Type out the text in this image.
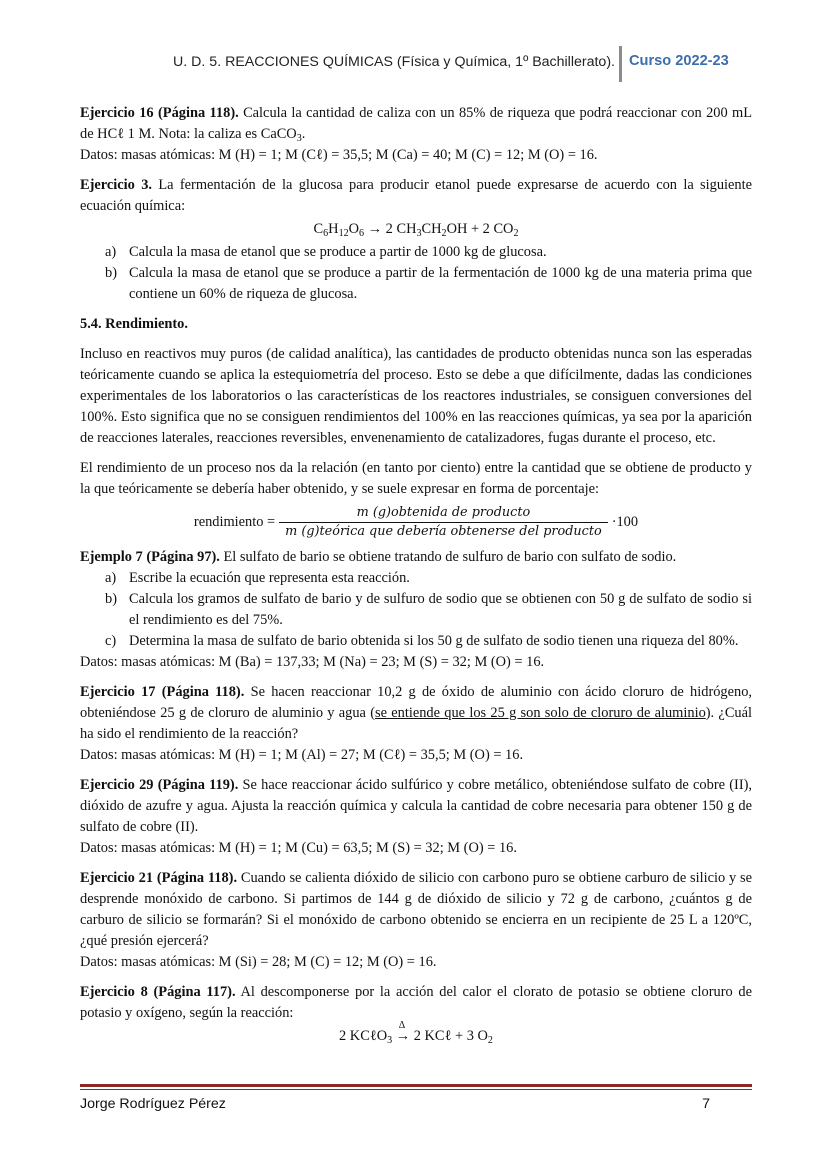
U. D. 5. REACCIONES QUÍMICAS (Física y Química, 1º Bachillerato). Curso 2022-23

Ejercicio 16 (Página 118). Calcula la cantidad de caliza con un 85% de riqueza que podrá reaccionar con 200 mL de HCℓ 1 M. Nota: la caliza es CaCO$_3$.

Datos: masas atómicas: M (H) = 1; M (Cℓ) = 35,5; M (Ca) = 40; M (C) = 12; M (O) = 16.

Ejercicio 3. La fermentación de la glucosa para producir etanol puede expresarse de acuerdo con la siguiente ecuación química:

$C_6H_{12}O_6 \to 2$ $CH_3CH_2OH + 2$ $CO_2$
a) Calcula la masa de etanol que se produce a partir de 1000 kg de glucosa.
b) Calcula la masa de etanol que se produce a partir de la fermentación de 1000 kg de una materia prima que contiene un 60% de riqueza de glucosa.
5.4. Rendimiento.

Incluso en reactivos muy puros (de calidad analítica), las cantidades de producto obtenidas nunca son las esperadas teóricamente cuando se aplica la estequiometría del proceso. Esto se debe a que difícilmente, dadas las condiciones experimentales de los laboratorios o las características de los reactores industriales, se consiguen conversiones del 100%. Esto significa que no se consiguen rendimientos del 100% en las reacciones químicas, ya sea por la aparición de reacciones laterales, reacciones reversibles, envenenamiento de catalizadores, fugas durante el proceso, etc.

El rendimiento de un proceso nos da la relación (en tanto por ciento) entre la cantidad que se obtiene de producto y la que teóricamente se debería haber obtenido, y se suele expresar en forma de porcentaje:

rendimiento = $\frac{\text{m (g)obtenida de producto}}{\text{m (g)teórica que debería obtenerse del producto}} \cdot 100$

Ejemplo 7 (Página 97). El sulfato de bario se obtiene tratando de sulfuro de bario con sulfato de sodio.

a) Escribe la ecuación que representa esta reacción.
b) Calcula los gramos de sulfato de bario y de sulfuro de sodio que se obtienen con 50 g de sulfato de sodio si el rendimiento es del 75%.
c) Determina la masa de sulfato de bario obtenida si los 50 g de sulfato de sodio tienen una riqueza del 80%.

Datos: masas atómicas: M (Ba) = 137,33; M (Na) = 23; M (S) = 32; M (O) = 16.

Ejercicio 17 (Página 118). Se hacen reaccionar 10,2 g de óxido de aluminio con ácido cloruro de hidrógeno, obteniéndose 25 g de cloruro de aluminio y agua (se entiende que los 25 g son solo de cloruro de aluminio). ¿Cuál ha sido el rendimiento de la reacción?

Datos: masas atómicas: M (H) = 1; M (Al) = 27; M (Cℓ) = 35,5; M (O) = 16.

Ejercicio 29 (Página 119). Se hace reaccionar ácido sulfúrico y cobre metálico, obteniéndose sulfato de cobre (II), dióxido de azufre y agua. Ajusta la reacción química y calcula la cantidad de cobre necesaria para obtener 150 g de sulfato de cobre (II).

Datos: masas atómicas: M (H) = 1; M (Cu) = 63,5; M (S) = 32; M (O) = 16.

Ejercicio 21 (Página 118). Cuando se calienta dióxido de silicio con carbono puro se obtiene carburo de silicio y se desprende monóxido de carbono. Si partimos de 144 g de dióxido de silicio y 72 g de carbono, ¿cuántos g de carburo de silicio se formarán? Si el monóxido de carbono obtenido se encierra en un recipiente de 25 L a 120ºC, ¿qué presión ejercerá?

Datos: masas atómicas: M (Si) = 28; M (C) = 12; M (O) = 16.

Ejercicio 8 (Página 117). Al descomponerse por la acción del calor el clorato de potasio se obtiene cloruro de potasio y oxígeno, según la reacción:

2 KCℓO$_3$ →
Δ
2 KCℓ + 3 $O_2$
Jorge Rodríguez Pérez	7
